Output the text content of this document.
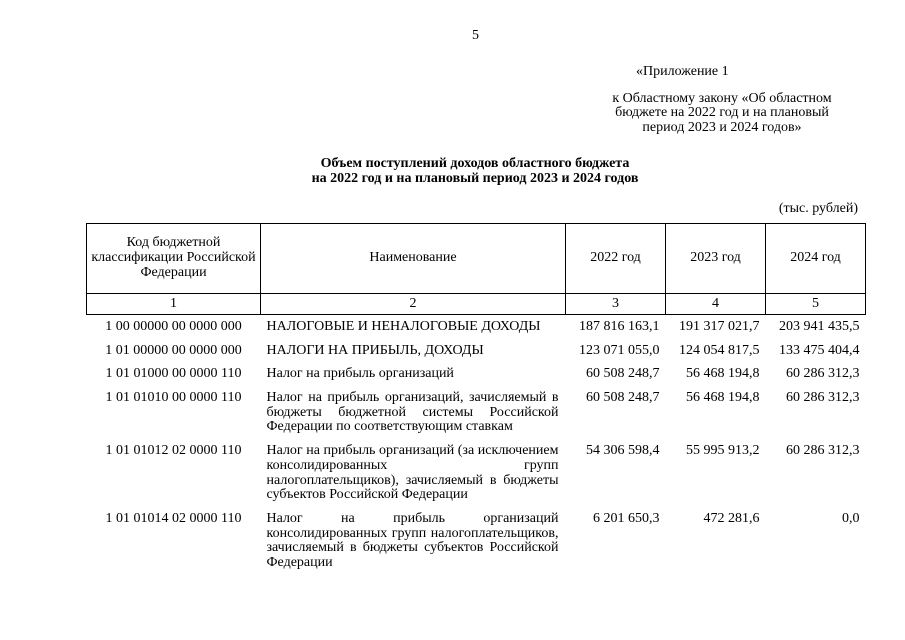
5
«Приложение 1
к Областному закону «Об областном
бюджете на 2022 год и на плановый
период 2023 и 2024 годов»
Объем поступлений доходов областного бюджета
на 2022 год и на плановый период 2023 и 2024 годов
(тыс. рублей)
Код бюджетной классификации Российской Федерации	Наименование	2022 год	2023 год	2024 год
1	2	3	4	5
1 00 00000 00 0000 000	НАЛОГОВЫЕ И НЕНАЛОГОВЫЕ ДОХОДЫ	187 816 163,1	191 317 021,7	203 941 435,5
1 01 00000 00 0000 000	НАЛОГИ НА ПРИБЫЛЬ, ДОХОДЫ	123 071 055,0	124 054 817,5	133 475 404,4
1 01 01000 00 0000 110	Налог на прибыль организаций	60 508 248,7	56 468 194,8	60 286 312,3
1 01 01010 00 0000 110	Налог на прибыль организаций, зачисляемый в бюджеты бюджетной системы Российской Федерации по соответствующим ставкам	60 508 248,7	56 468 194,8	60 286 312,3
1 01 01012 02 0000 110	Налог на прибыль организаций (за исключением консолидированных групп налогоплательщиков), зачисляемый в бюджеты субъектов Российской Федерации	54 306 598,4	55 995 913,2	60 286 312,3
1 01 01014 02 0000 110	Налог на прибыль организаций консолидированных групп налогоплательщиков, зачисляемый в бюджеты субъектов Российской Федерации	6 201 650,3	472 281,6	0,0
